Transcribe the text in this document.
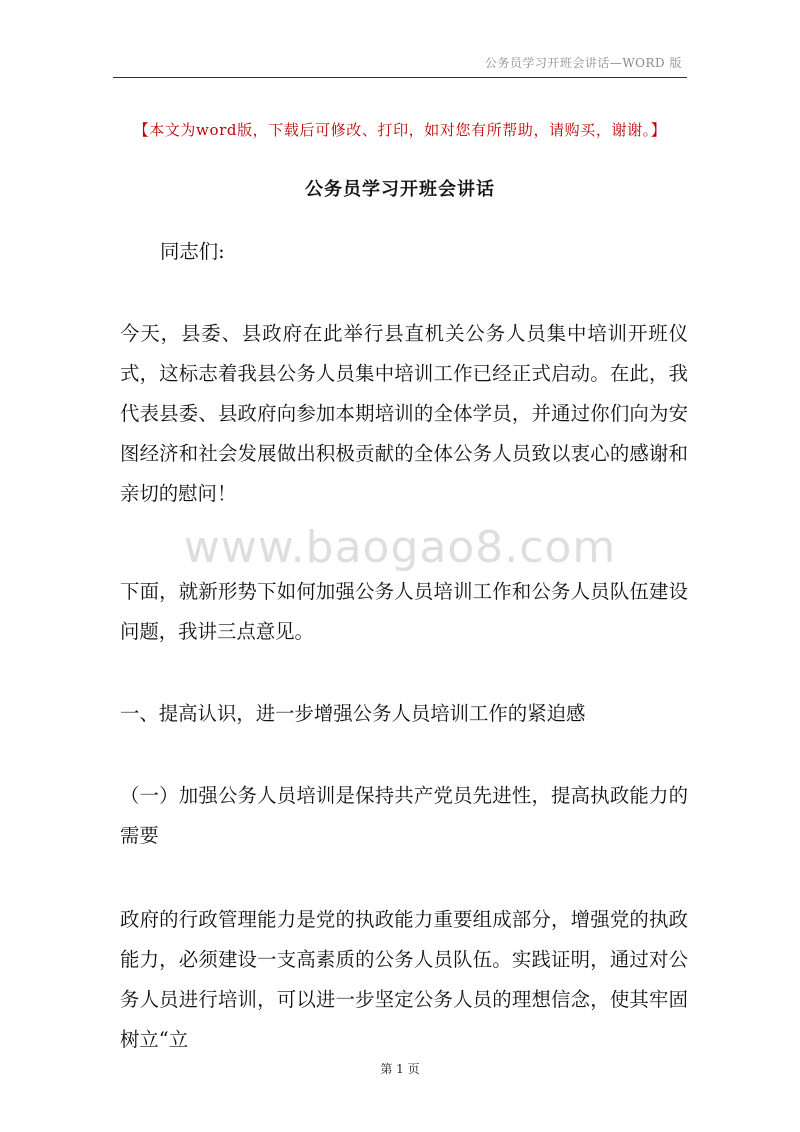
公务员学习开班会讲话—WORD 版
【本文为word版，下载后可修改、打印，如对您有所帮助，请购买，谢谢。】
公务员学习开班会讲话
同志们:

今天，县委、县政府在此举行县直机关公务人员集中培训开班仪式，这标志着我县公务人员集中培训工作已经正式启动。在此，我代表县委、县政府向参加本期培训的全体学员，并通过你们向为安图经济和社会发展做出积极贡献的全体公务人员致以衷心的感谢和亲切的慰问！

www.baogao8.com

下面，就新形势下如何加强公务人员培训工作和公务人员队伍建设问题，我讲三点意见。

一、提高认识，进一步增强公务人员培训工作的紧迫感

（一）加强公务人员培训是保持共产党员先进性，提高执政能力的需要

政府的行政管理能力是党的执政能力重要组成部分，增强党的执政能力，必须建设一支高素质的公务人员队伍。实践证明，通过对公务人员进行培训，可以进一步坚定公务人员的理想信念，使其牢固树立“立

第 1 页
